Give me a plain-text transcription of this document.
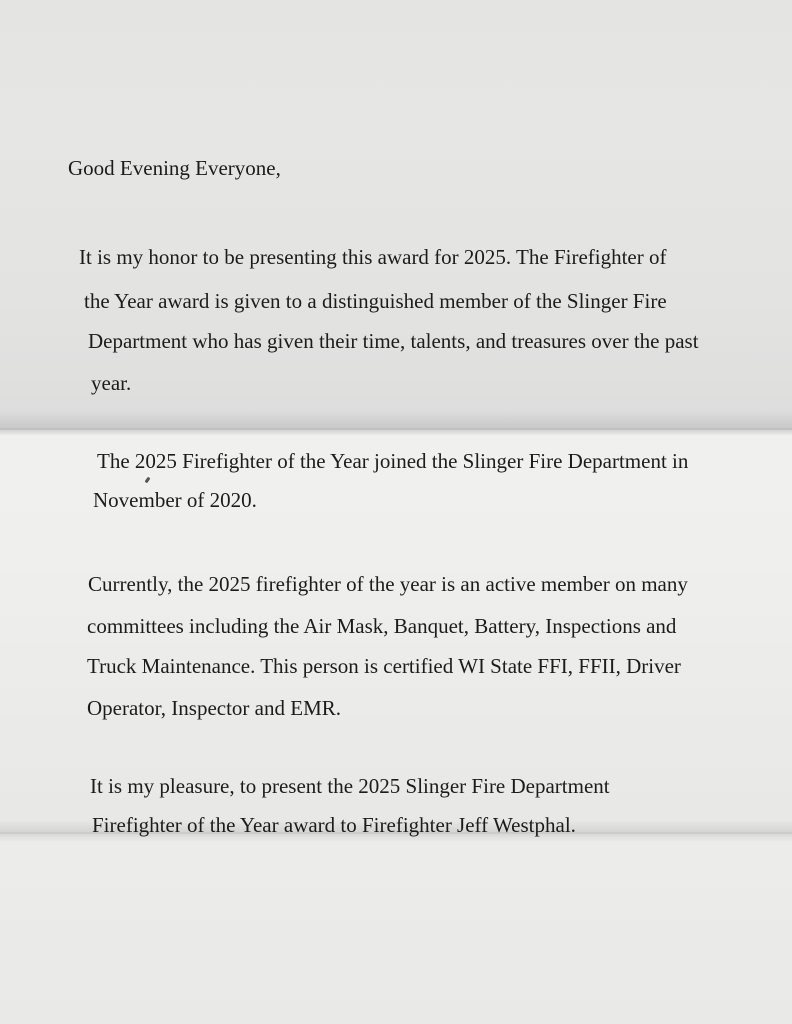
Good Evening Everyone,
It is my honor to be presenting this award for 2025. The Firefighter of
the Year award is given to a distinguished member of the Slinger Fire
Department who has given their time, talents, and treasures over the past
year.
The 2025 Firefighter of the Year joined the Slinger Fire Department in
November of 2020.
Currently, the 2025 firefighter of the year is an active member on many
committees including the Air Mask, Banquet, Battery, Inspections and
Truck Maintenance. This person is certified WI State FFI, FFII, Driver
Operator, Inspector and EMR.
It is my pleasure, to present the 2025 Slinger Fire Department
Firefighter of the Year award to Firefighter Jeff Westphal.
